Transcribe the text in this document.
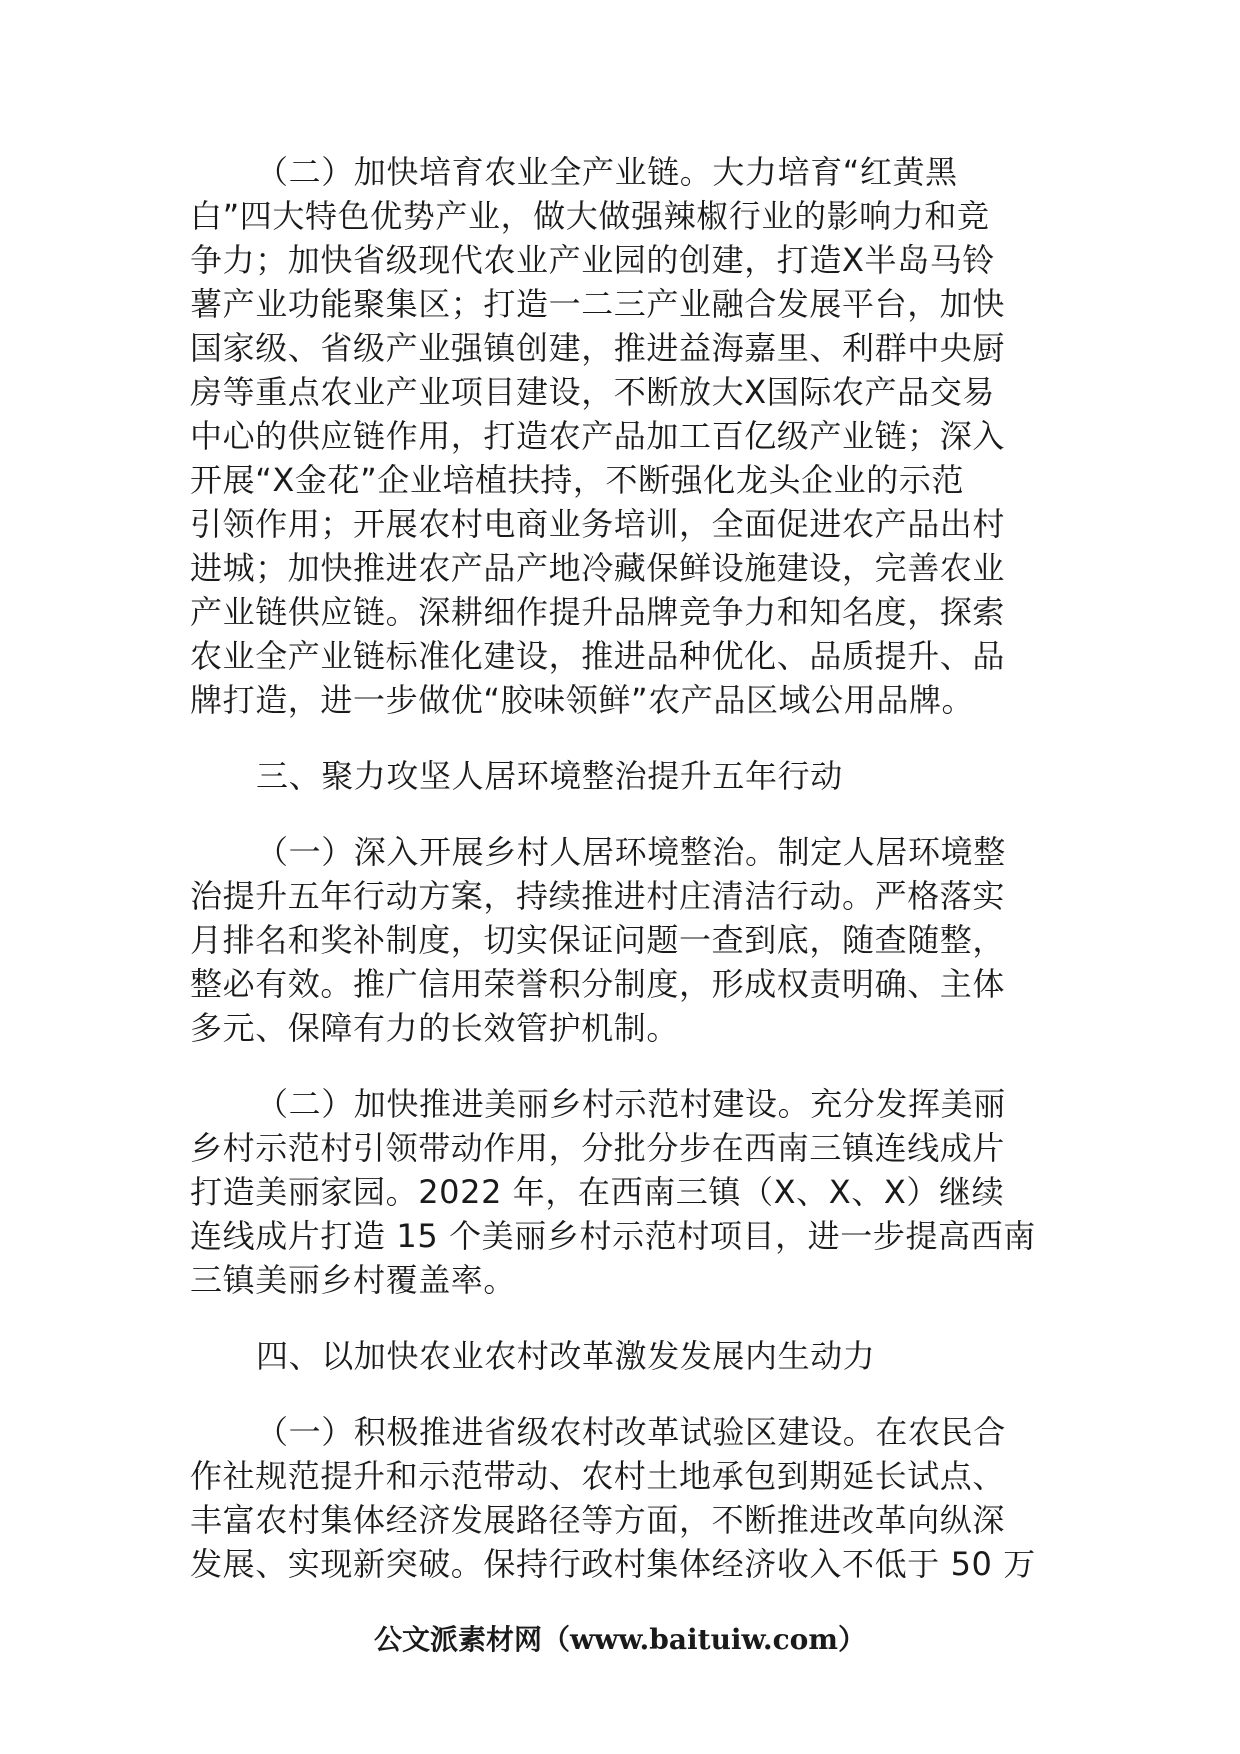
（二）加快培育农业全产业链。大力培育“红黄黑
白”四大特色优势产业，做大做强辣椒行业的影响力和竞
争力；加快省级现代农业产业园的创建，打造Ⅹ半岛马铃
薯产业功能聚集区；打造一二三产业融合发展平台，加快
国家级、省级产业强镇创建，推进益海嘉里、利群中央厨
房等重点农业产业项目建设，不断放大Ⅹ国际农产品交易
中心的供应链作用，打造农产品加工百亿级产业链；深入
开展“Ⅹ金花”企业培植扶持，不断强化龙头企业的示范
引领作用；开展农村电商业务培训，全面促进农产品出村
进城；加快推进农产品产地冷藏保鲜设施建设，完善农业
产业链供应链。深耕细作提升品牌竞争力和知名度，探索
农业全产业链标准化建设，推进品种优化、品质提升、品
牌打造，进一步做优“胶味领鲜”农产品区域公用品牌。
三、聚力攻坚人居环境整治提升五年行动
（一）深入开展乡村人居环境整治。制定人居环境整
治提升五年行动方案，持续推进村庄清洁行动。严格落实
月排名和奖补制度，切实保证问题一查到底，随查随整，
整必有效。推广信用荣誉积分制度，形成权责明确、主体
多元、保障有力的长效管护机制。
（二）加快推进美丽乡村示范村建设。充分发挥美丽
乡村示范村引领带动作用，分批分步在西南三镇连线成片
打造美丽家园。2022 年，在西南三镇（Ⅹ、Ⅹ、Ⅹ）继续
连线成片打造 15 个美丽乡村示范村项目，进一步提高西南
三镇美丽乡村覆盖率。
四、以加快农业农村改革激发发展内生动力
（一）积极推进省级农村改革试验区建设。在农民合
作社规范提升和示范带动、农村土地承包到期延长试点、
丰富农村集体经济发展路径等方面，不断推进改革向纵深
发展、实现新突破。保持行政村集体经济收入不低于 50 万
公文派素材网（www.baituiw.com）
